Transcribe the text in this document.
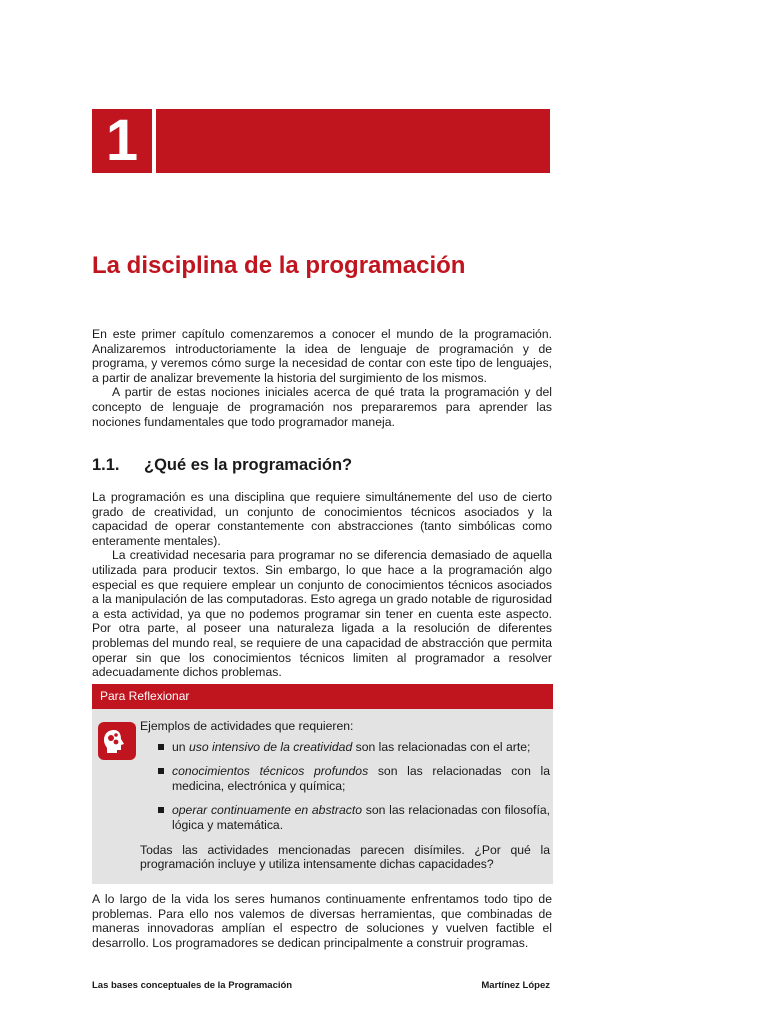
1
La disciplina de la programación

En este primer capítulo comenzaremos a conocer el mundo de la programación. Analizaremos introductoriamente la idea de lenguaje de programación y de programa, y veremos cómo surge la necesidad de contar con este tipo de lenguajes, a partir de analizar brevemente la historia del surgimiento de los mismos.

A partir de estas nociones iniciales acerca de qué trata la programación y del concepto de lenguaje de programación nos prepararemos para aprender las nociones fundamentales que todo programador maneja.

1.1. ¿Qué es la programación?

La programación es una disciplina que requiere simultánemente del uso de cierto grado de creatividad, un conjunto de conocimientos técnicos asociados y la capacidad de operar constantemente con abstracciones (tanto simbólicas como enteramente mentales).

La creatividad necesaria para programar no se diferencia demasiado de aquella utilizada para producir textos. Sin embargo, lo que hace a la programación algo especial es que requiere emplear un conjunto de conocimientos técnicos asociados a la manipulación de las computadoras. Esto agrega un grado notable de rigurosidad a esta actividad, ya que no podemos programar sin tener en cuenta este aspecto. Por otra parte, al poseer una naturaleza ligada a la resolución de diferentes problemas del mundo real, se requiere de una capacidad de abstracción que permita operar sin que los conocimientos técnicos limiten al programador a resolver adecuadamente dichos problemas.

Para Reflexionar
Ejemplos de actividades que requieren:
un uso intensivo de la creatividad son las relacionadas con el arte;
conocimientos técnicos profundos son las relacionadas con la medicina, electrónica y química;
operar continuamente en abstracto son las relacionadas con filosofía, lógica y matemática.

Todas las actividades mencionadas parecen disímiles. ¿Por qué la programación incluye y utiliza intensamente dichas capacidades?

A lo largo de la vida los seres humanos continuamente enfrentamos todo tipo de problemas. Para ello nos valemos de diversas herramientas, que combinadas de maneras innovadoras amplían el espectro de soluciones y vuelven factible el desarrollo. Los programadores se dedican principalmente a construir programas.

Las bases conceptuales de la Programación	Martínez López
